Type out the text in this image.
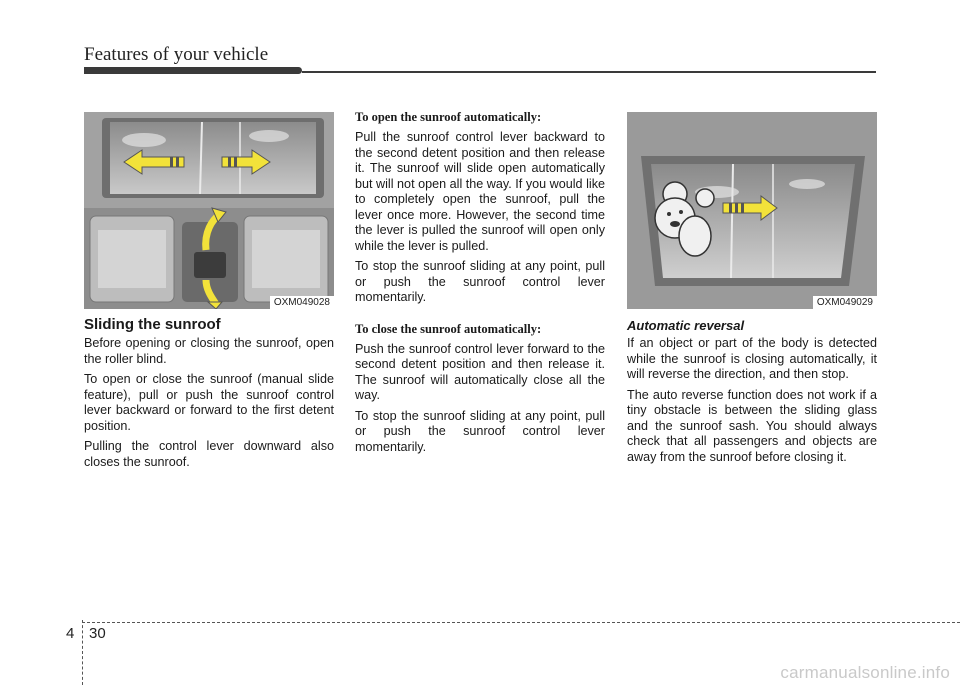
Features of your vehicle
OXM049028
Sliding the sunroof

Before opening or closing the sunroof, open the roller blind.

To open or close the sunroof (manual slide feature), pull or push the sunroof control lever backward or forward to the first detent position.

Pulling the control lever downward also closes the sunroof.

To open the sunroof automatically:

Pull the sunroof control lever backward to the second detent position and then release it. The sunroof will slide open automatically but will not open all the way. If you would like to completely open the sunroof, pull the lever once more. However, the second time the lever is pulled the sunroof will open only while the lever is pulled.

To stop the sunroof sliding at any point, pull or push the sunroof control lever momentarily.

To close the sunroof automatically:

Push the sunroof control lever forward to the second detent position and then release it. The sunroof will automatically close all the way.

To stop the sunroof sliding at any point, pull or push the sunroof control lever momentarily.

OXM049029
Automatic reversal

If an object or part of the body is detected while the sunroof is closing automatically, it will reverse the direction, and then stop.

The auto reverse function does not work if a tiny obstacle is between the sliding glass and the sunroof sash. You should always check that all passengers and objects are away from the sunroof before closing it.

4 30
carmanualsonline.info
